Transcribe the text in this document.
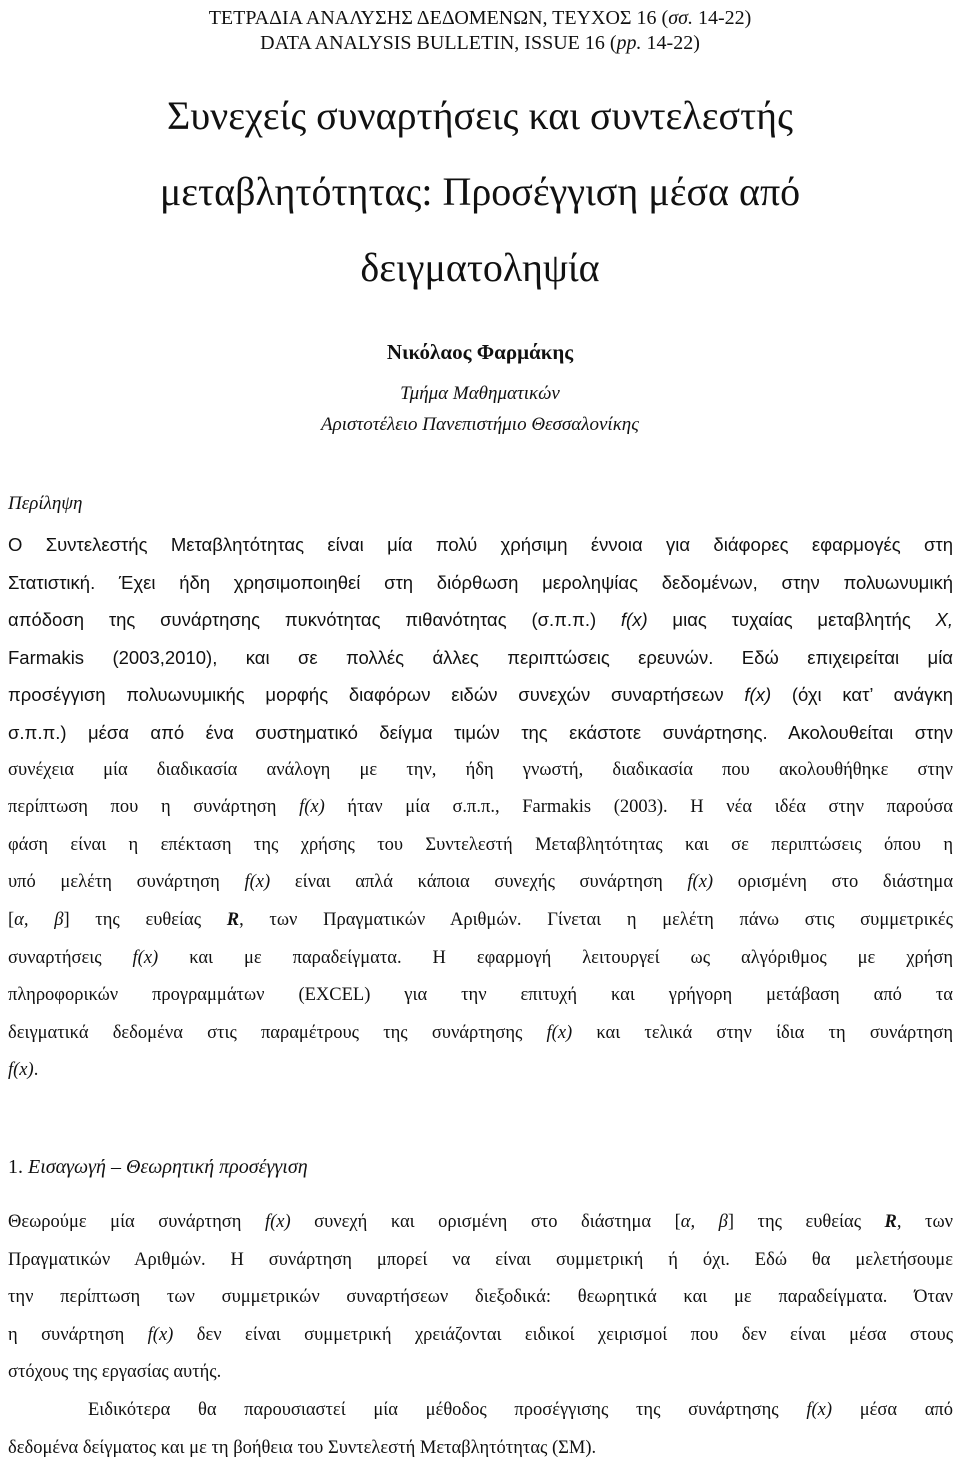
ΤΕΤΡΑΔΙΑ ΑΝΑΛΥΣΗΣ ΔΕΔΟΜΕΝΩΝ, ΤΕΥΧΟΣ 16 (σσ. 14-22)
DATA ANALYSIS BULLETIN, ISSUE 16 (pp. 14-22)
Συνεχείς συναρτήσεις και συντελεστής
μεταβλητότητας: Προσέγγιση μέσα από
δειγματοληψία
Νικόλαος Φαρμάκης
Τμήμα Μαθηματικών
Αριστοτέλειο Πανεπιστήμιο Θεσσαλονίκης
Περίληψη
Ο Συντελεστής Μεταβλητότητας είναι μία πολύ χρήσιμη έννοια για διάφορες εφαρμογές στη
Στατιστική. Έχει ήδη χρησιμοποιηθεί στη διόρθωση μεροληψίας δεδομένων, στην πολυωνυμική
απόδοση της συνάρτησης πυκνότητας πιθανότητας (σ.π.π.) f(x) μιας τυχαίας μεταβλητής X,
Farmakis (2003,2010), και σε πολλές άλλες περιπτώσεις ερευνών. Εδώ επιχειρείται μία
προσέγγιση πολυωνυμικής μορφής διαφόρων ειδών συνεχών συναρτήσεων f(x) (όχι κατ’ ανάγκη
σ.π.π.) μέσα από ένα συστηματικό δείγμα τιμών της εκάστοτε συνάρτησης. Ακολουθείται στην
συνέχεια μία διαδικασία ανάλογη με την, ήδη γνωστή, διαδικασία που ακολουθήθηκε στην
περίπτωση που η συνάρτηση f(x) ήταν μία σ.π.π., Farmakis (2003). Η νέα ιδέα στην παρούσα
φάση είναι η επέκταση της χρήσης του Συντελεστή Μεταβλητότητας και σε περιπτώσεις όπου η
υπό μελέτη συνάρτηση f(x) είναι απλά κάποια συνεχής συνάρτηση f(x) ορισμένη στο διάστημα
[α, β] της ευθείας R, των Πραγματικών Αριθμών. Γίνεται η μελέτη πάνω στις συμμετρικές
συναρτήσεις f(x) και με παραδείγματα. Η εφαρμογή λειτουργεί ως αλγόριθμος με χρήση
πληροφορικών προγραμμάτων (EXCEL) για την επιτυχή και γρήγορη μετάβαση από τα
δειγματικά δεδομένα στις παραμέτρους της συνάρτησης f(x) και τελικά στην ίδια τη συνάρτηση
f(x).
1. Εισαγωγή – Θεωρητική προσέγγιση
Θεωρούμε μία συνάρτηση f(x) συνεχή και ορισμένη στο διάστημα [α, β] της ευθείας R, των
Πραγματικών Αριθμών. Η συνάρτηση μπορεί να είναι συμμετρική ή όχι. Εδώ θα μελετήσουμε
την περίπτωση των συμμετρικών συναρτήσεων διεξοδικά: θεωρητικά και με παραδείγματα. Όταν
η συνάρτηση f(x) δεν είναι συμμετρική χρειάζονται ειδικοί χειρισμοί που δεν είναι μέσα στους
στόχους της εργασίας αυτής.
Ειδικότερα θα παρουσιαστεί μία μέθοδος προσέγγισης της συνάρτησης f(x) μέσα από
δεδομένα δείγματος και με τη βοήθεια του Συντελεστή Μεταβλητότητας (ΣΜ).
